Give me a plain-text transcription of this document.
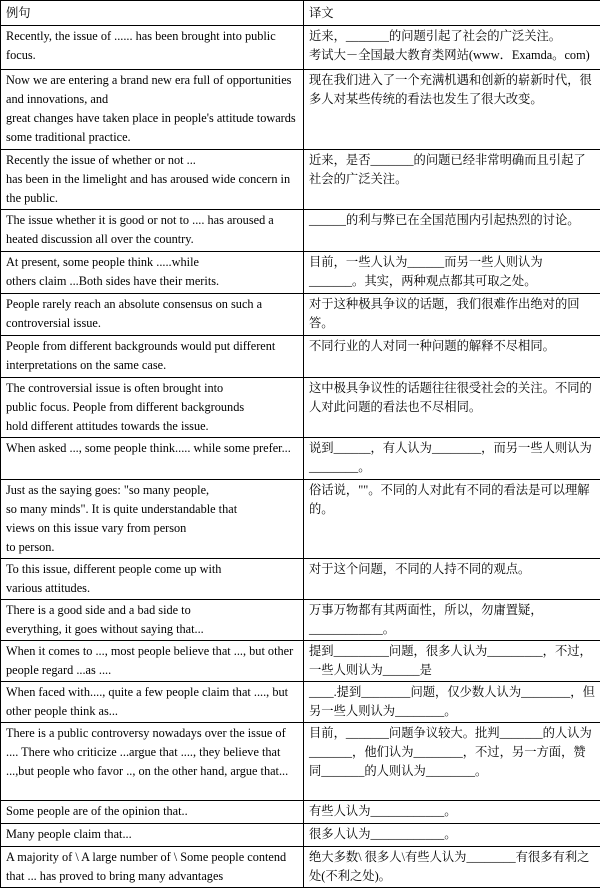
例句	译文
Recently, the issue of ...... has been brought into public focus.	近来，_______的问题引起了社会的广泛关注。
考试大－全国最大教育类网站(www．Examda。com)
Now we are entering a brand new era full of opportunities and innovations, and
great changes have taken place in people's attitude towards some traditional practice.	现在我们进入了一个充满机遇和创新的崭新时代，很多人对某些传统的看法也发生了很大改变。
Recently the issue of whether or not ...
has been in the limelight and has aroused wide concern in the public.	近来，是否_______的问题已经非常明确而且引起了社会的广泛关注。
The issue whether it is good or not to .... has aroused a heated discussion all over the country.	______的利与弊已在全国范围内引起热烈的讨论。
At present, some people think .....while
others claim ...Both sides have their merits.	目前，一些人认为______而另一些人则认为_______。其实，两种观点都其可取之处。
People rarely reach an absolute consensus on such a controversial issue.	对于这种极具争议的话题，我们很难作出绝对的回答。
People from different backgrounds would put different interpretations on the same case.	不同行业的人对同一种问题的解释不尽相同。
The controversial issue is often brought into
public focus. People from different backgrounds
hold different attitudes towards the issue.	这中极具争议性的话题往往很受社会的关注。不同的人对此问题的看法也不尽相同。
When asked ..., some people think..... while some prefer...	说到______，有人认为________，而另一些人则认为________。
Just as the saying goes: "so many people,
so many minds". It is quite understandable that
views on this issue vary from person
to person.	俗话说，""。不同的人对此有不同的看法是可以理解的。
To this issue, different people come up with
various attitudes.	对于这个问题，不同的人持不同的观点。
There is a good side and a bad side to
everything, it goes without saying that...	万事万物都有其两面性，所以，勿庸置疑，____________。
When it comes to ..., most people believe that ..., but other people regard ...as ....	提到_________问题，很多人认为_________，不过，一些人则认为______是
When faced with...., quite a few people claim that ...., but other people think as...	____.提到________问题，仅少数人认为________，但另一些人则认为________。
There is a public controversy nowadays over the issue of .... There who criticize ...argue that ...., they believe that ...,but people who favor .., on the other hand, argue that...	目前，_______问题争议较大。批判_______的人认为_______，他们认为________，不过，另一方面，赞同_______的人则认为________。
Some people are of the opinion that..	有些人认为____________。
Many people claim that...	很多人认为____________。
A majority of \ A large number of \ Some people contend that ... has proved to bring many advantages	绝大多数\ 很多人\有些人认为________有很多有利之处(不利之处)。
